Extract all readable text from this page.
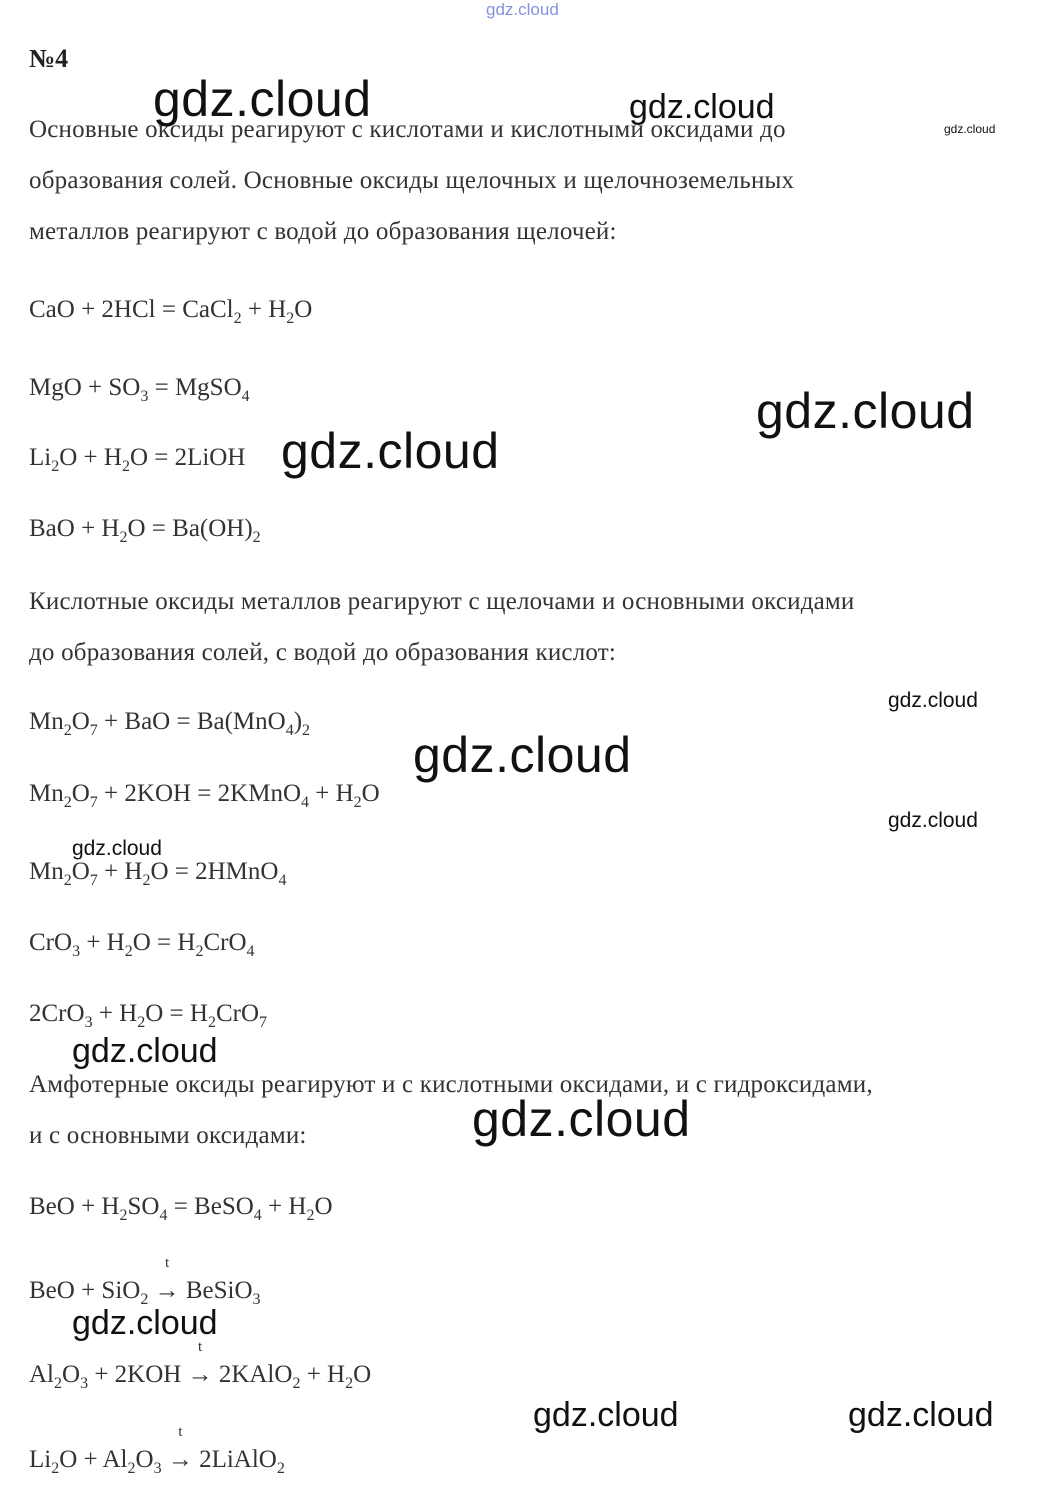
gdz.cloud
№4
Основные оксиды реагируют с кислотами и кислотными оксидами до
образования солей. Основные оксиды щелочных и щелочноземельных
металлов реагируют с водой до образования щелочей:
CaO + 2HCl = CaCl$_2$ + $H_2O$
MgO + $SO_3$ = MgSO$_4$
$Li_2O + H_2O$ = 2LiOH
BaO + $H_2O = Ba(OH)_2$
Кислотные оксиды металлов реагируют с щелочами и основными оксидами
до образования солей, с водой до образования кислот:
$Mn_2O_7$ + BaO = $Ba(MnO_4)_2$
$Mn_2O_7 + 2KOH$ = 2KMnO$_4$ + $H_2O$
$Mn_2O_7 + H_2O$ = 2HMnO$_4$
$CrO_3 + H_2O = H_2CrO_4$
$2CrO_3 + H_2O = H_2CrO_7$
Амфотерные оксиды реагируют и с кислотными оксидами, и с гидроксидами,
и с основными оксидами:
BeO + $H_2SO_4$ = BeSO$_4$ + $H_2O$
BeO + SiO$_2$
t
→ BeSiO$_3$
$Al_2O_3 + 2KOH$
t
→ 2KAlO$_2$ + $H_2O$
$Li_2O + Al_2O_3$
t
→ 2LiAlO$_2$
gdz.cloud	gdz.cloud
gdz.cloud
gdz.cloud
gdz.cloud
gdz.cloud
gdz.cloud
gdz.cloud
gdz.cloud
gdz.cloud
gdz.cloud
gdz.cloud
gdz.cloud	gdz.cloud
